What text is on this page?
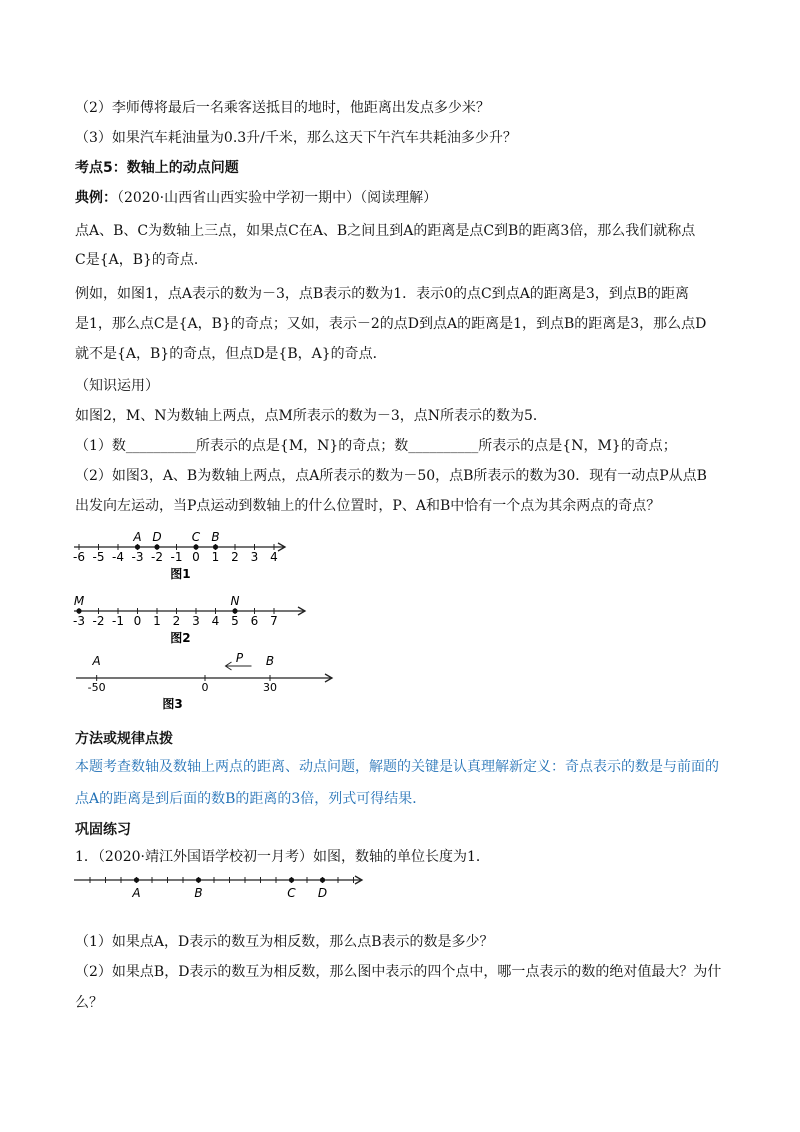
（2）李师傅将最后一名乘客送抵目的地时，他距离出发点多少米？
（3）如果汽车耗油量为0.3升/千米，那么这天下午汽车共耗油多少升？
考点5：数轴上的动点问题
典例：（2020·山西省山西实验中学初一期中）（阅读理解）
点A、B、C为数轴上三点，如果点C在A、B之间且到A的距离是点C到B的距离3倍，那么我们就称点
C是{A，B}的奇点．
例如，如图1，点A表示的数为－3，点B表示的数为1．表示0的点C到点A的距离是3，到点B的距离
是1，那么点C是{A，B}的奇点；又如，表示－2的点D到点A的距离是1，到点B的距离是3，那么点D
就不是{A，B}的奇点，但点D是{B，A}的奇点．
（知识运用）
如图2，M、N为数轴上两点，点M所表示的数为－3，点N所表示的数为5．
（1）数__________所表示的点是{M，N}的奇点；数__________所表示的点是{N，M}的奇点；
（2）如图3，A、B为数轴上两点，点A所表示的数为－50，点B所表示的数为30．现有一动点P从点B
出发向左运动，当P点运动到数轴上的什么位置时，P、A和B中恰有一个点为其余两点的奇点？
-6 -5 -4 -3 -2 -1 0 1 2 3 4
A D	C B
图1
-3 -2 -1 0 1 2 3 4 5 6 7
M	N
图2
-50	0	30
A	B
P
图3
方法或规律点拨
本题考查数轴及数轴上两点的距离、动点问题，解题的关键是认真理解新定义：奇点表示的数是与前面的
点A的距离是到后面的数B的距离的3倍，列式可得结果．
巩固练习
1．（2020·靖江外国语学校初一月考）如图，数轴的单位长度为1．
A	B	C D
（1）如果点A，D表示的数互为相反数，那么点B表示的数是多少？
（2）如果点B，D表示的数互为相反数，那么图中表示的四个点中，哪一点表示的数的绝对值最大？为什
么？
